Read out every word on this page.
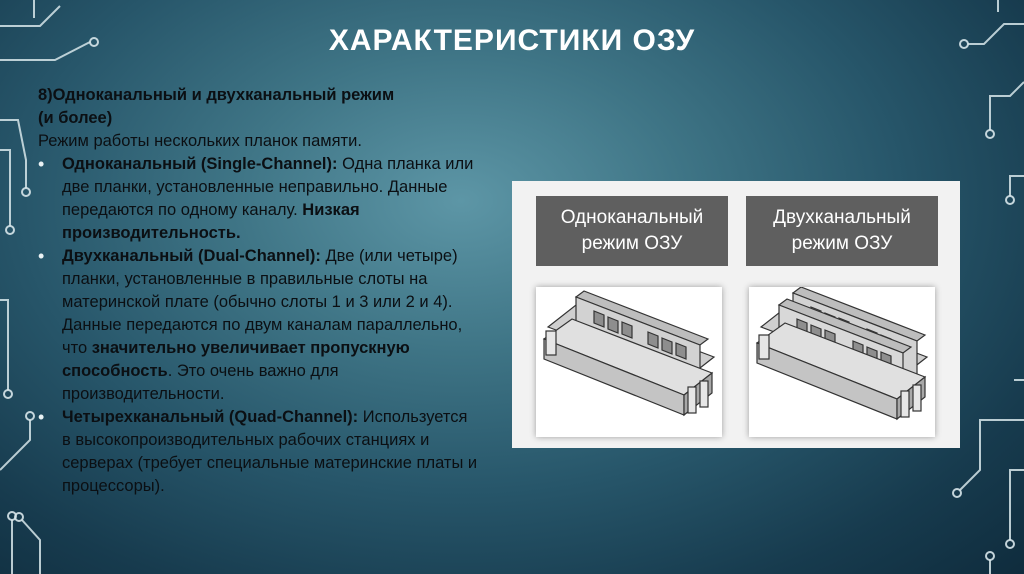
ХАРАКТЕРИСТИКИ ОЗУ
8)Одноканальный и двухканальный режим
(и более)

Режим работы нескольких планок памяти.

• Одноканальный (Single-Channel): Одна планка или две планки, установленные неправильно. Данные передаются по одному каналу. Низкая производительность.
• Двухканальный (Dual-Channel): Две (или четыре) планки, установленные в правильные слоты на материнской плате (обычно слоты 1 и 3 или 2 и 4). Данные передаются по двум каналам параллельно, что значительно увеличивает пропускную способность. Это очень важно для производительности.
• Четырехканальный (Quad-Channel): Используется в высокопроизводительных рабочих станциях и серверах (требует специальные материнские платы и процессоры).
Одноканальный
режим ОЗУ
Двухканальный
режим ОЗУ
